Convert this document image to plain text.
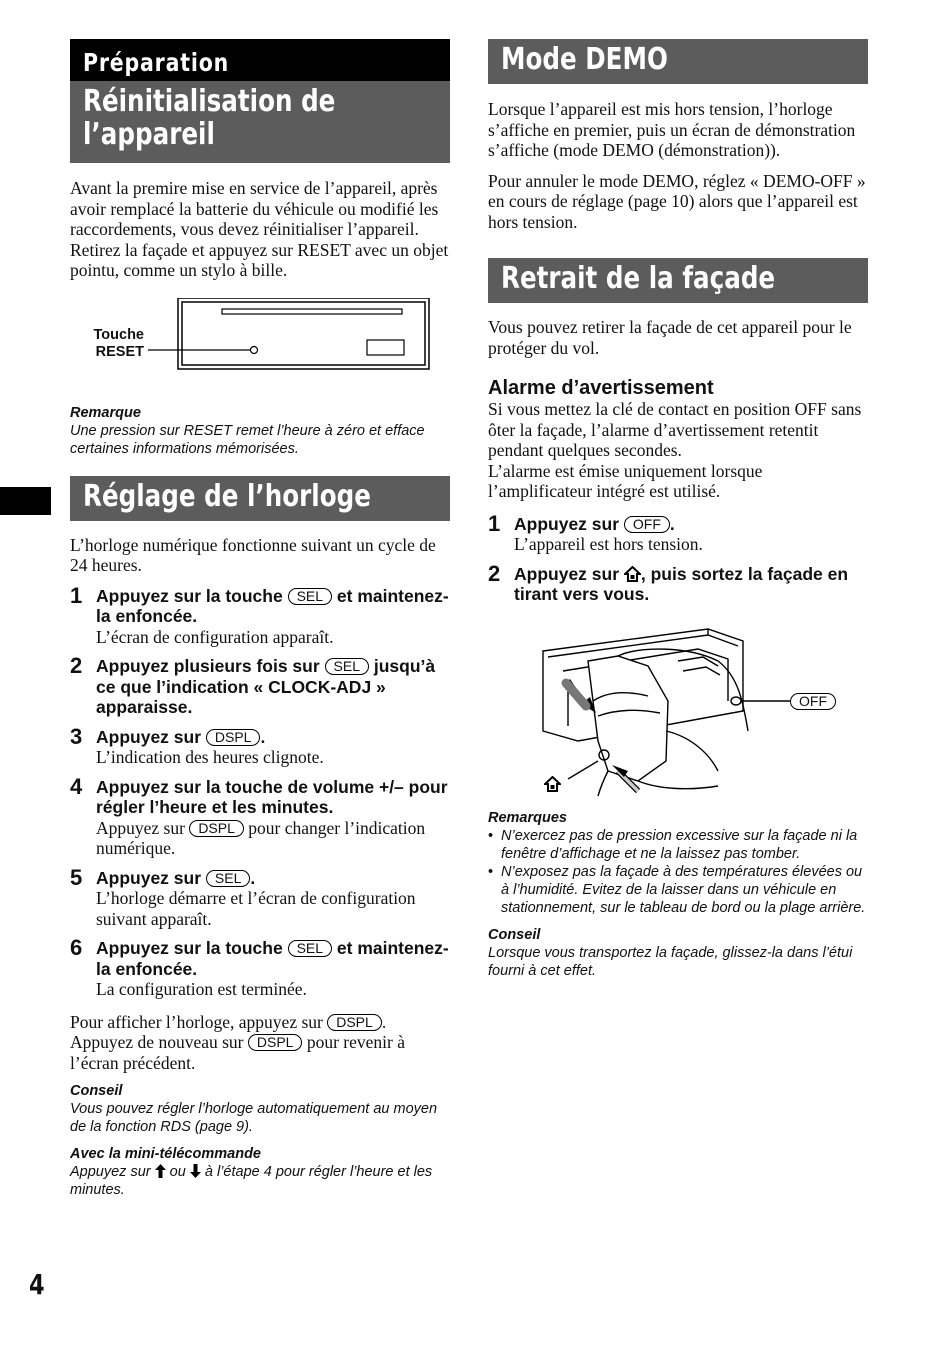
Préparation
Réinitialisation de l’appareil

Avant la premire mise en service de l’appareil, après avoir remplacé la batterie du véhicule ou modifié les raccordements, vous devez réinitialiser l’appareil.

Retirez la façade et appuyez sur RESET avec un objet pointu, comme un stylo à bille.

Touche
RESET
Remarque
Une pression sur RESET remet l’heure à zéro et efface certaines informations mémorisées.
Réglage de l’horloge

L’horloge numérique fonctionne suivant un cycle de 24 heures.

1 Appuyez sur la touche SEL et maintenez-la enfoncée.
L’écran de configuration apparaît.
2 Appuyez plusieurs fois sur SEL jusqu’à ce que l’indication « CLOCK-ADJ » apparaisse.
3 Appuyez sur DSPL .
L’indication des heures clignote.
4 Appuyez sur la touche de volume +/– pour régler l’heure et les minutes.
Appuyez sur DSPL pour changer l’indication numérique.
5 Appuyez sur SEL .
L’horloge démarre et l’écran de configuration suivant apparaît.
6 Appuyez sur la touche SEL et maintenez-la enfoncée.
La configuration est terminée.

Pour afficher l’horloge, appuyez sur DSPL . Appuyez de nouveau sur DSPL pour revenir à l’écran précédent.

Conseil
Vous pouvez régler l’horloge automatiquement au moyen de la fonction RDS (page 9).
Avec la mini-télécommande
Appuyez sur ou à l’étape 4 pour régler l’heure et les minutes.
Mode DEMO

Lorsque l’appareil est mis hors tension, l’horloge s’affiche en premier, puis un écran de démonstration s’affiche (mode DEMO (démonstration)).

Pour annuler le mode DEMO, réglez « DEMO-OFF » en cours de réglage (page 10) alors que l’appareil est hors tension.

Retrait de la façade

Vous pouvez retirer la façade de cet appareil pour le protéger du vol.

Alarme d’avertissement

Si vous mettez la clé de contact en position OFF sans ôter la façade, l’alarme d’avertissement retentit pendant quelques secondes.

L’alarme est émise uniquement lorsque l’amplificateur intégré est utilisé.

1 Appuyez sur OFF .
L’appareil est hors tension.
2 Appuyez sur , puis sortez la façade en tirant vers vous.
OFF
Remarques
• N’exercez pas de pression excessive sur la façade ni la fenêtre d’affichage et ne la laissez pas tomber.
• N’exposez pas la façade à des températures élevées ou à l’humidité. Evitez de la laisser dans un véhicule en stationnement, sur le tableau de bord ou la plage arrière.
Conseil
Lorsque vous transportez la façade, glissez-la dans l’étui fourni à cet effet.
4
